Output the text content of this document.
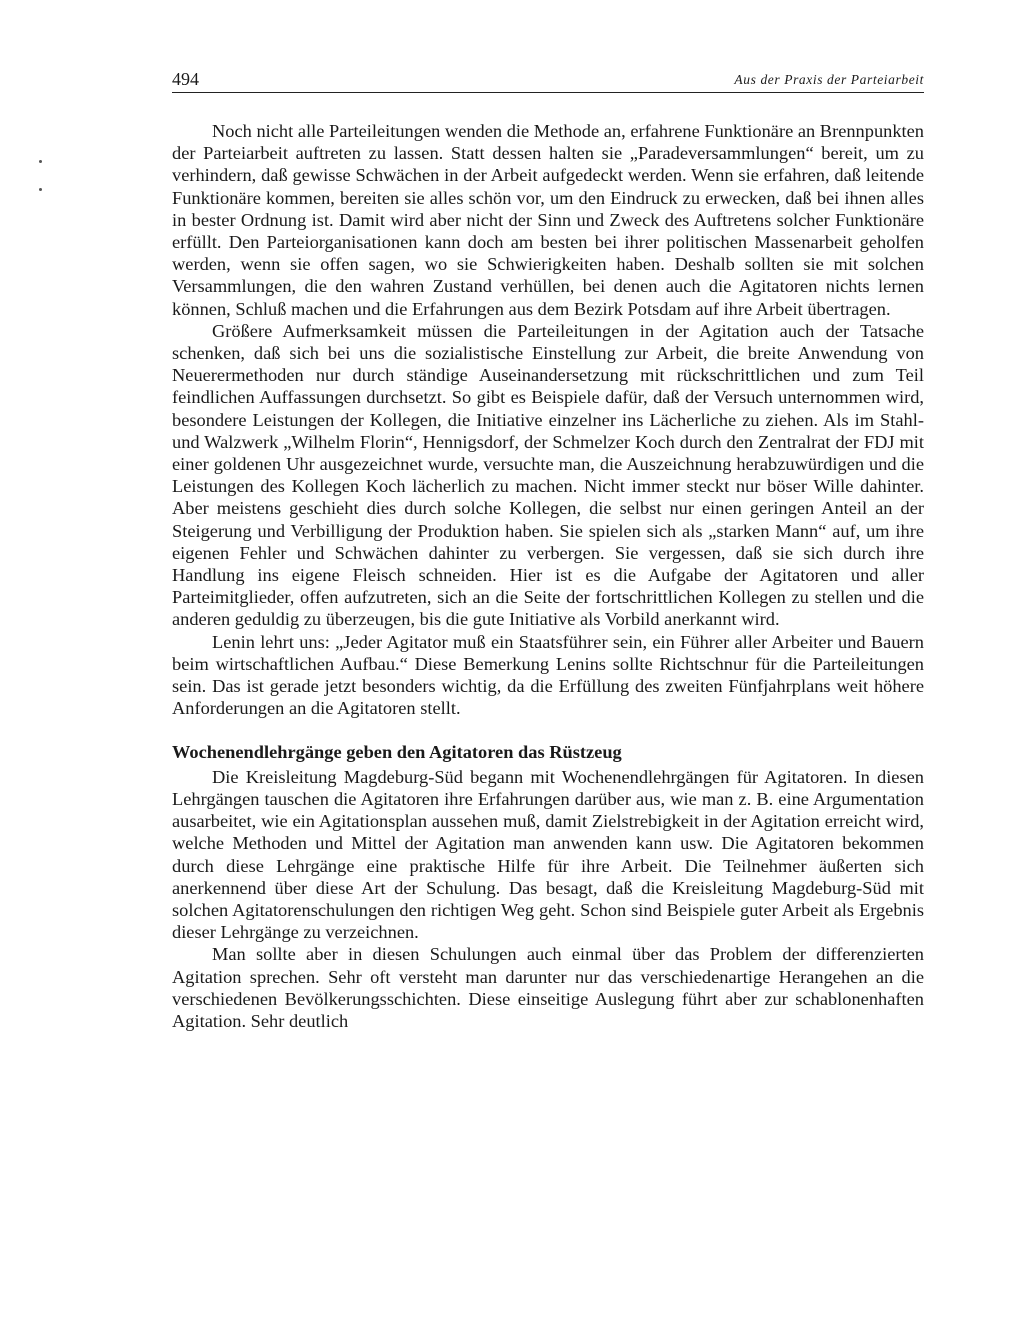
494	Aus der Praxis der Parteiarbeit

Noch nicht alle Parteileitungen wenden die Methode an, erfahrene Funktionäre an Brennpunkten der Parteiarbeit auftreten zu lassen. Statt dessen halten sie „Paradeversammlungen“ bereit, um zu verhindern, daß gewisse Schwächen in der Arbeit aufgedeckt werden. Wenn sie erfahren, daß leitende Funktionäre kommen, bereiten sie alles schön vor, um den Eindruck zu erwecken, daß bei ihnen alles in bester Ordnung ist. Damit wird aber nicht der Sinn und Zweck des Auftretens solcher Funktionäre erfüllt. Den Parteiorganisationen kann doch am besten bei ihrer politischen Massenarbeit geholfen werden, wenn sie offen sagen, wo sie Schwierigkeiten haben. Deshalb sollten sie mit solchen Versammlungen, die den wahren Zustand verhüllen, bei denen auch die Agitatoren nichts lernen können, Schluß machen und die Erfahrungen aus dem Bezirk Potsdam auf ihre Arbeit übertragen.

Größere Aufmerksamkeit müssen die Parteileitungen in der Agitation auch der Tatsache schenken, daß sich bei uns die sozialistische Einstellung zur Arbeit, die breite Anwendung von Neuerermethoden nur durch ständige Auseinandersetzung mit rückschrittlichen und zum Teil feindlichen Auffassungen durchsetzt. So gibt es Beispiele dafür, daß der Versuch unternommen wird, besondere Leistungen der Kollegen, die Initiative einzelner ins Lächerliche zu ziehen. Als im Stahl- und Walzwerk „Wilhelm Florin“, Hennigsdorf, der Schmelzer Koch durch den Zentralrat der FDJ mit einer goldenen Uhr ausgezeichnet wurde, versuchte man, die Auszeichnung herabzuwürdigen und die Leistungen des Kollegen Koch lächerlich zu machen. Nicht immer steckt nur böser Wille dahinter. Aber meistens geschieht dies durch solche Kollegen, die selbst nur einen geringen Anteil an der Steigerung und Verbilligung der Produktion haben. Sie spielen sich als „starken Mann“ auf, um ihre eigenen Fehler und Schwächen dahinter zu verbergen. Sie vergessen, daß sie sich durch ihre Handlung ins eigene Fleisch schneiden. Hier ist es die Aufgabe der Agitatoren und aller Parteimitglieder, offen aufzutreten, sich an die Seite der fortschrittlichen Kollegen zu stellen und die anderen geduldig zu überzeugen, bis die gute Initiative als Vorbild anerkannt wird.

Lenin lehrt uns: „Jeder Agitator muß ein Staatsführer sein, ein Führer aller Arbeiter und Bauern beim wirtschaftlichen Aufbau.“ Diese Bemerkung Lenins sollte Richtschnur für die Parteileitungen sein. Das ist gerade jetzt besonders wichtig, da die Erfüllung des zweiten Fünfjahrplans weit höhere Anforderungen an die Agitatoren stellt.

Wochenendlehrgänge geben den Agitatoren das Rüstzeug

Die Kreisleitung Magdeburg-Süd begann mit Wochenendlehrgängen für Agitatoren. In diesen Lehrgängen tauschen die Agitatoren ihre Erfahrungen darüber aus, wie man z. B. eine Argumentation ausarbeitet, wie ein Agitationsplan aussehen muß, damit Zielstrebigkeit in der Agitation erreicht wird, welche Methoden und Mittel der Agitation man anwenden kann usw. Die Agitatoren bekommen durch diese Lehrgänge eine praktische Hilfe für ihre Arbeit. Die Teilnehmer äußerten sich anerkennend über diese Art der Schulung. Das besagt, daß die Kreisleitung Magdeburg-Süd mit solchen Agitatorenschulungen den richtigen Weg geht. Schon sind Beispiele guter Arbeit als Ergebnis dieser Lehrgänge zu verzeichnen.

Man sollte aber in diesen Schulungen auch einmal über das Problem der differenzierten Agitation sprechen. Sehr oft versteht man darunter nur das verschiedenartige Herangehen an die verschiedenen Bevölkerungsschichten. Diese einseitige Auslegung führt aber zur schablonenhaften Agitation. Sehr deutlich
